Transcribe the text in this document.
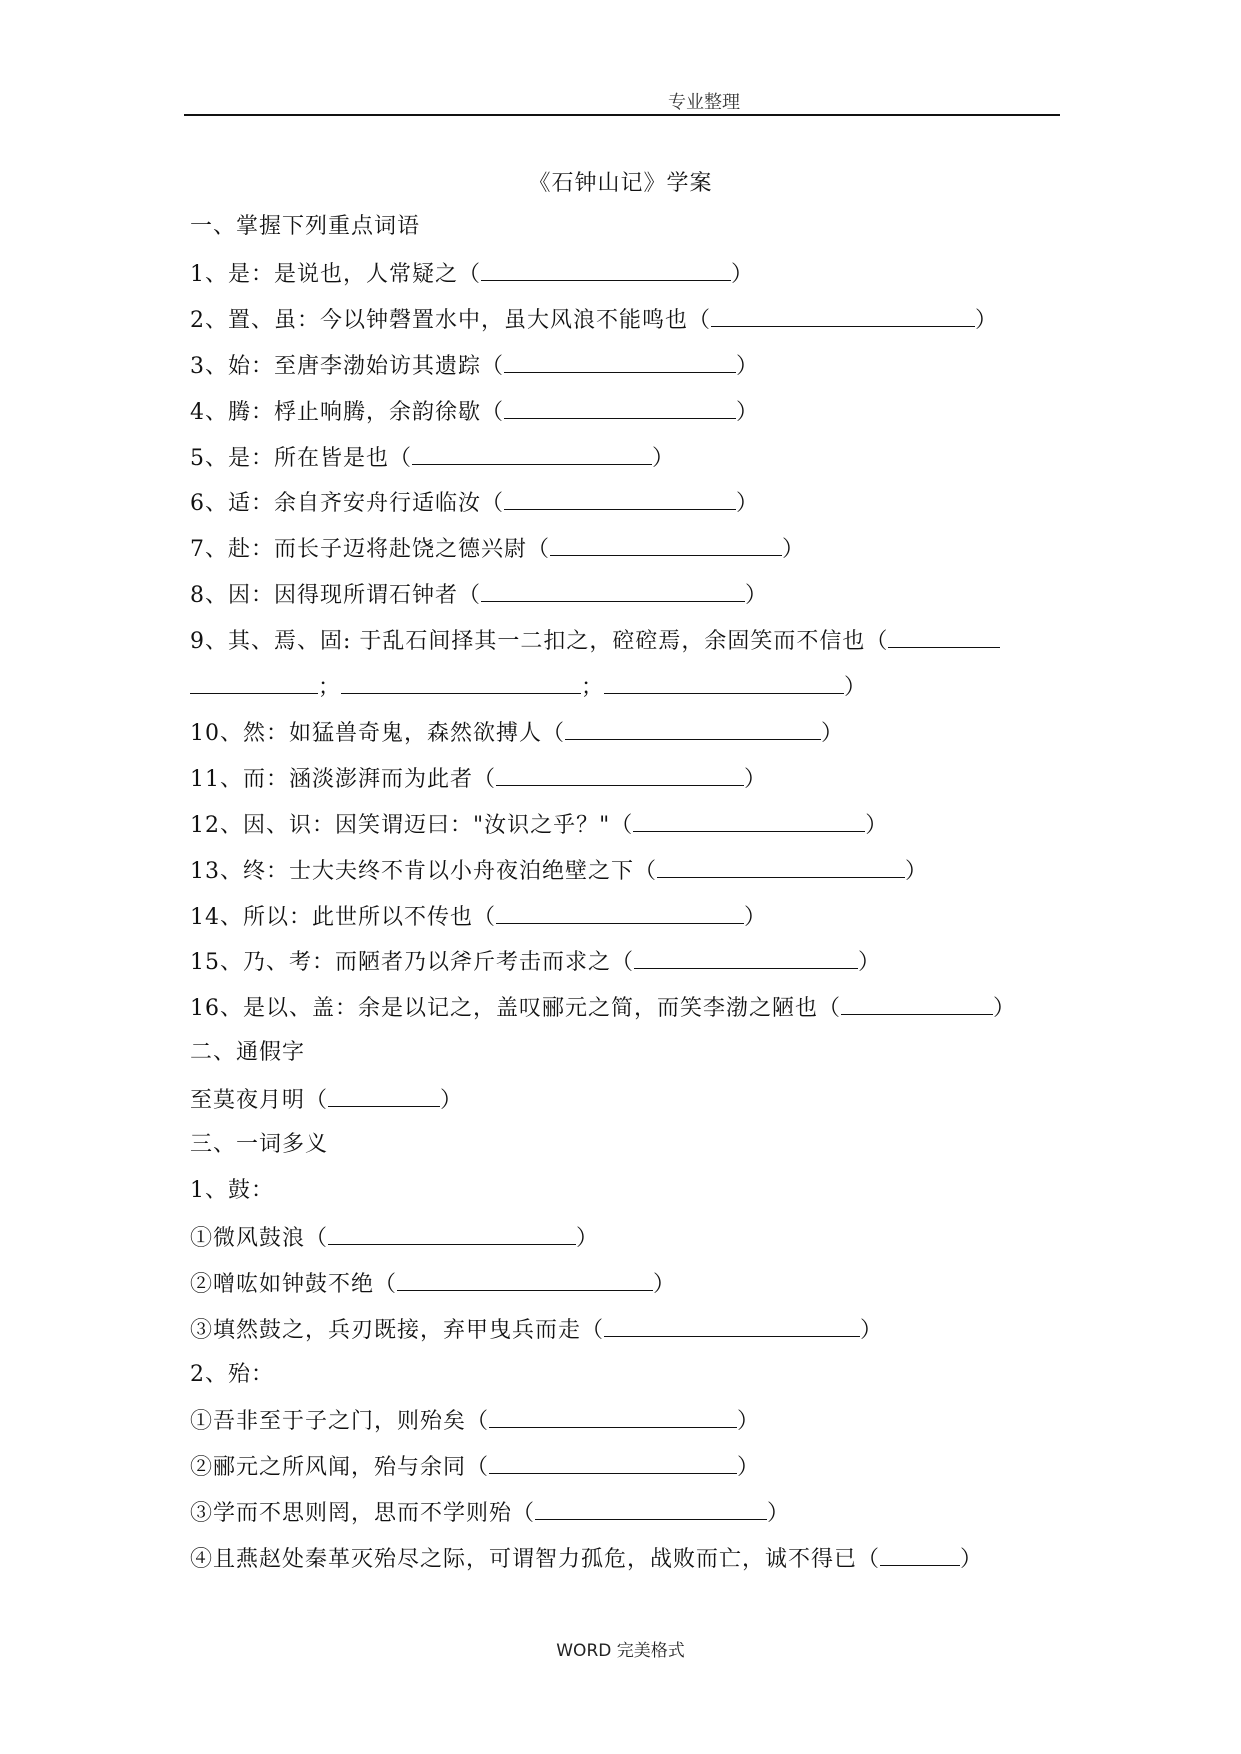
专业整理
《石钟山记》学案
一、掌握下列重点词语
1、是：是说也，人常疑之（	）
2、置、虽：今以钟磬置水中，虽大风浪不能鸣也（	）
3、始：至唐李渤始访其遗踪（	）
4、腾：桴止响腾，余韵徐歇（	）
5、是：所在皆是也（	）
6、适：余自齐安舟行适临汝（	）
7、赴：而长子迈将赴饶之德兴尉（	）
8、因：因得现所谓石钟者（	）
9、其、焉、固: 于乱石间择其一二扣之，硿硿焉，余固笑而不信也（
；	；	）
10、然：如猛兽奇鬼，森然欲搏人（	）
11、而：涵淡澎湃而为此者（	）
12、因、识：因笑谓迈曰："汝识之乎？"（	）
13、终：士大夫终不肯以小舟夜泊绝壁之下（	）
14、所以：此世所以不传也（	）
15、乃、考：而陋者乃以斧斤考击而求之（	）
16、是以、盖：余是以记之，盖叹郦元之简，而笑李渤之陋也（	）
二、通假字
至莫夜月明（	）
三、一词多义
1、鼓：
①微风鼓浪（	）
②噌吰如钟鼓不绝（	）
③填然鼓之，兵刃既接，弃甲曳兵而走（	）
2、殆：
①吾非至于子之门，则殆矣（	）
②郦元之所风闻，殆与余同（	）
③学而不思则罔，思而不学则殆（	）
④且燕赵处秦革灭殆尽之际，可谓智力孤危，战败而亡，诚不得已（	）
WORD 完美格式
